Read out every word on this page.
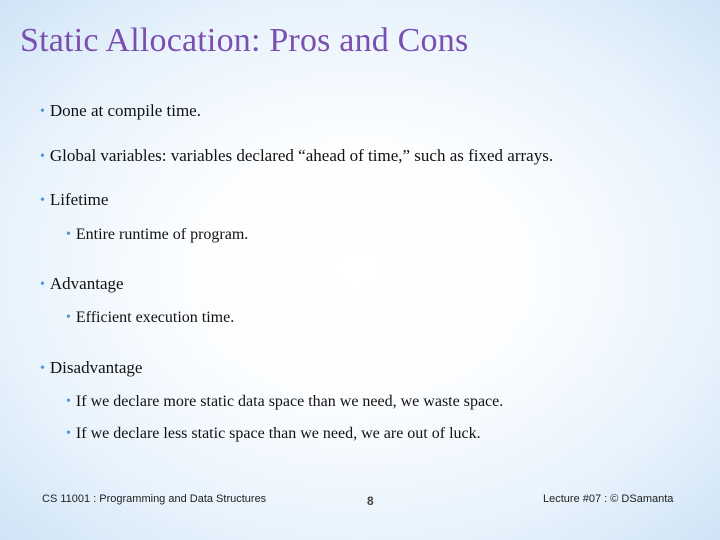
Static Allocation: Pros and Cons
• Done at compile time.
• Global variables: variables declared “ahead of time,” such as fixed arrays.
• Lifetime
• Entire runtime of program.
• Advantage
• Efficient execution time.
• Disadvantage
• If we declare more static data space than we need, we waste space.
• If we declare less static space than we need, we are out of luck.
CS 11001 : Programming and Data Structures	8	Lecture #07 : © DSamanta
